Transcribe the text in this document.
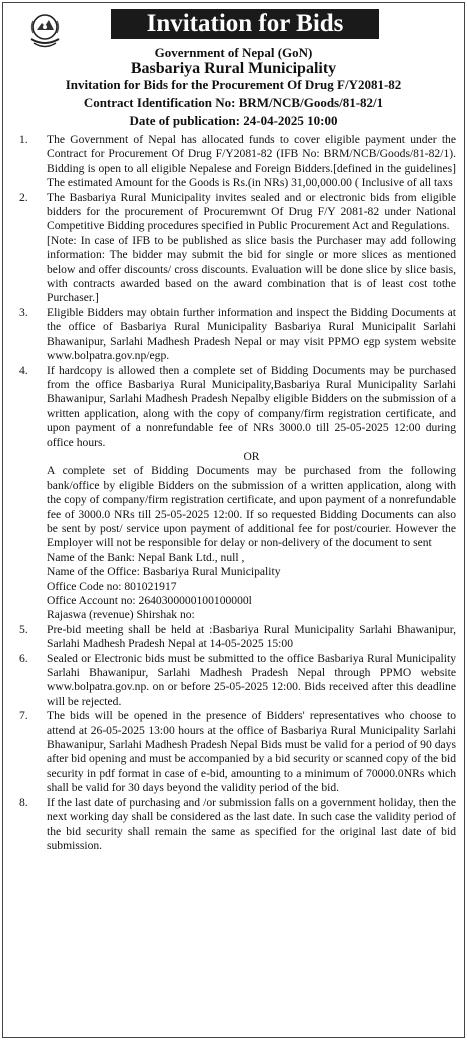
Invitation for Bids
Government of Nepal (GoN)
Basbariya Rural Municipality
Invitation for Bids for the Procurement Of Drug F/Y2081-82
Contract Identification No: BRM/NCB/Goods/81-82/1
Date of publication: 24-04-2025 10:00
1. The Government of Nepal has allocated funds to cover eligible payment under the Contract for Procurement Of Drug F/Y2081-82 (IFB No: BRM/NCB/Goods/81-82/1). Bidding is open to all eligible Nepalese and Foreign Bidders.[defined in the guidelines] The estimated Amount for the Goods is Rs.(in NRs) 31,00,000.00 ( Inclusive of all taxs

2. The Basbariya Rural Municipality invites sealed and or electronic bids from eligible bidders for the procurement of Procuremwnt Of Drug F/Y 2081-82 under National Competitive Bidding procedures specified in Public Procurement Act and Regulations.

[Note: In case of IFB to be published as slice basis the Purchaser may add following information: The bidder may submit the bid for single or more slices as mentioned below and offer discounts/ cross discounts. Evaluation will be done slice by slice basis, with contracts awarded based on the award combination that is of least cost tothe Purchaser.]

3. Eligible Bidders may obtain further information and inspect the Bidding Documents at the office of Basbariya Rural Municipality Basbariya Rural Municipalit Sarlahi Bhawanipur, Sarlahi Madhesh Pradesh Nepal or may visit PPMO egp system website www.bolpatra.gov.np/egp.

4. If hardcopy is allowed then a complete set of Bidding Documents may be purchased from the office Basbariya Rural Municipality,Basbariya Rural Municipality Sarlahi Bhawanipur, Sarlahi Madhesh Pradesh Nepalby eligible Bidders on the submission of a written application, along with the copy of company/firm registration certificate, and upon payment of a nonrefundable fee of NRs 3000.0 till 25-05-2025 12:00 during office hours.

OR

A complete set of Bidding Documents may be purchased from the following bank/office by eligible Bidders on the submission of a written application, along with the copy of company/firm registration certificate, and upon payment of a nonrefundable fee of 3000.0 NRs till 25-05-2025 12:00. If so requested Bidding Documents can also be sent by post/ service upon payment of additional fee for post/courier. However the Employer will not be responsible for delay or non-delivery of the document to sent

Name of the Bank: Nepal Bank Ltd., null ,

Name of the Office: Basbariya Rural Municipality

Office Code no: 801021917

Office Account no: 2640300000100100000l

Rajaswa (revenue) Shirshak no:

5. Pre-bid meeting shall be held at :Basbariya Rural Municipality Sarlahi Bhawanipur, Sarlahi Madhesh Pradesh Nepal at 14-05-2025 15:00

6. Sealed or Electronic bids must be submitted to the office Basbariya Rural Municipality Sarlahi Bhawanipur, Sarlahi Madhesh Pradesh Nepal through PPMO website www.bolpatra.gov.np. on or before 25-05-2025 12:00. Bids received after this deadline will be rejected.

7. The bids will be opened in the presence of Bidders' representatives who choose to attend at 26-05-2025 13:00 hours at the office of Basbariya Rural Municipality Sarlahi Bhawanipur, Sarlahi Madhesh Pradesh Nepal Bids must be valid for a period of 90 days after bid opening and must be accompanied by a bid security or scanned copy of the bid security in pdf format in case of e-bid, amounting to a minimum of 70000.0NRs which shall be valid for 30 days beyond the validity period of the bid.

8. If the last date of purchasing and /or submission falls on a government holiday, then the next working day shall be considered as the last date. In such case the validity period of the bid security shall remain the same as specified for the original last date of bid submission.
